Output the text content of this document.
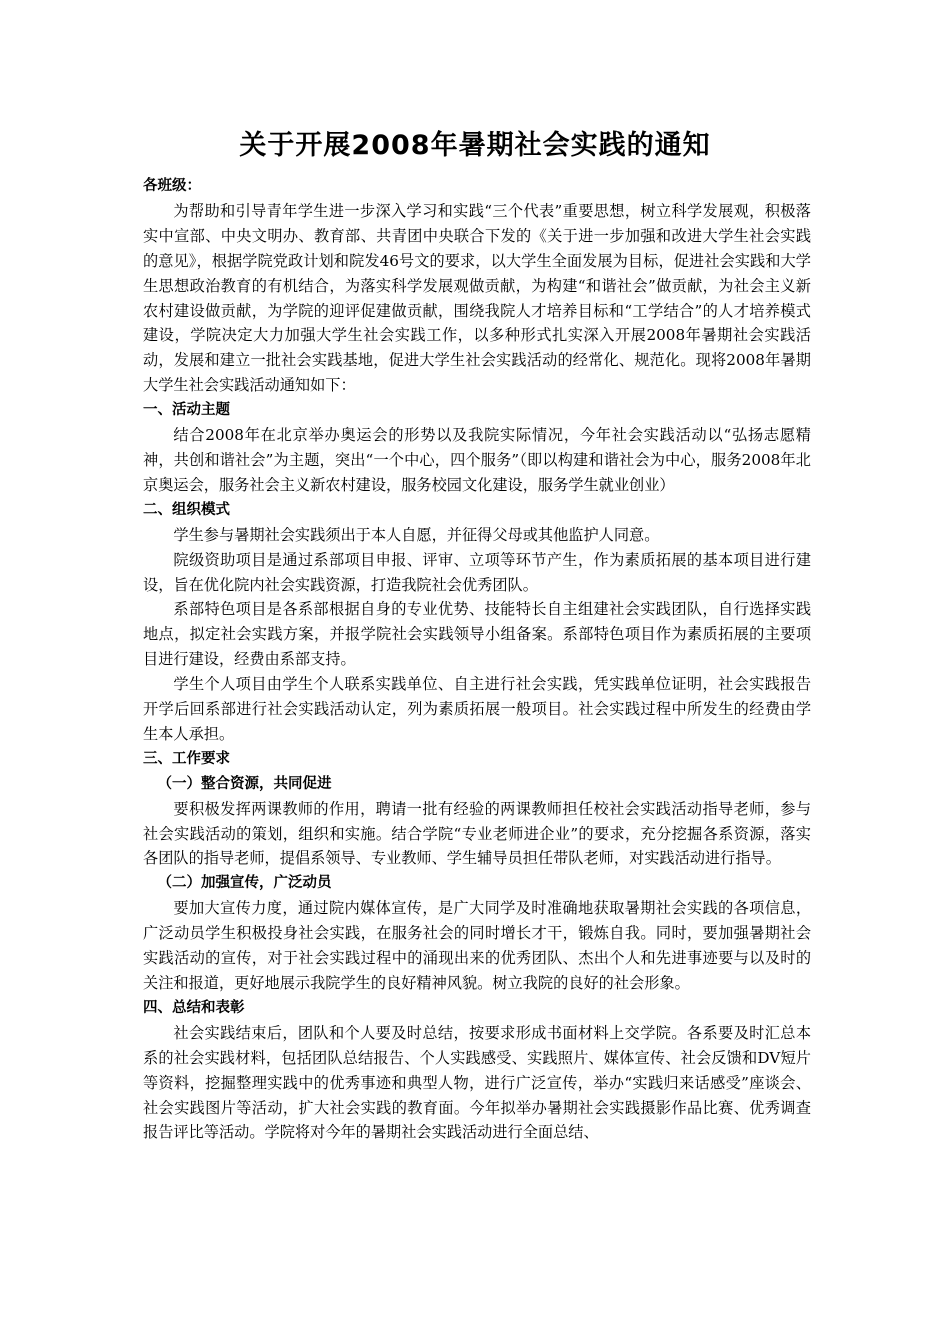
关于开展2008年暑期社会实践的通知

各班级：

为帮助和引导青年学生进一步深入学习和实践“三个代表”重要思想，树立科学发展观，积极落实中宣部、中央文明办、教育部、共青团中央联合下发的《关于进一步加强和改进大学生社会实践的意见》，根据学院党政计划和院发46号文的要求，以大学生全面发展为目标，促进社会实践和大学生思想政治教育的有机结合，为落实科学发展观做贡献，为构建“和谐社会”做贡献，为社会主义新农村建设做贡献，为学院的迎评促建做贡献，围绕我院人才培养目标和“工学结合”的人才培养模式建设，学院决定大力加强大学生社会实践工作，以多种形式扎实深入开展2008年暑期社会实践活动，发展和建立一批社会实践基地，促进大学生社会实践活动的经常化、规范化。现将2008年暑期大学生社会实践活动通知如下：

一、活动主题

结合2008年在北京举办奥运会的形势以及我院实际情况，今年社会实践活动以“弘扬志愿精神，共创和谐社会”为主题，突出“一个中心，四个服务”（即以构建和谐社会为中心，服务2008年北京奥运会，服务社会主义新农村建设，服务校园文化建设，服务学生就业创业）

二、组织模式

学生参与暑期社会实践须出于本人自愿，并征得父母或其他监护人同意。

院级资助项目是通过系部项目申报、评审、立项等环节产生，作为素质拓展的基本项目进行建设，旨在优化院内社会实践资源，打造我院社会优秀团队。

系部特色项目是各系部根据自身的专业优势、技能特长自主组建社会实践团队，自行选择实践地点，拟定社会实践方案，并报学院社会实践领导小组备案。系部特色项目作为素质拓展的主要项目进行建设，经费由系部支持。

学生个人项目由学生个人联系实践单位、自主进行社会实践，凭实践单位证明，社会实践报告开学后回系部进行社会实践活动认定，列为素质拓展一般项目。社会实践过程中所发生的经费由学生本人承担。

三、工作要求

（一）整合资源，共同促进

要积极发挥两课教师的作用，聘请一批有经验的两课教师担任校社会实践活动指导老师，参与社会实践活动的策划，组织和实施。结合学院“专业老师进企业”的要求，充分挖掘各系资源，落实各团队的指导老师，提倡系领导、专业教师、学生辅导员担任带队老师，对实践活动进行指导。

（二）加强宣传，广泛动员

要加大宣传力度，通过院内媒体宣传，是广大同学及时准确地获取暑期社会实践的各项信息，广泛动员学生积极投身社会实践，在服务社会的同时增长才干，锻炼自我。同时，要加强暑期社会实践活动的宣传，对于社会实践过程中的涌现出来的优秀团队、杰出个人和先进事迹要与以及时的关注和报道，更好地展示我院学生的良好精神风貌。树立我院的良好的社会形象。

四、总结和表彰

社会实践结束后，团队和个人要及时总结，按要求形成书面材料上交学院。各系要及时汇总本系的社会实践材料，包括团队总结报告、个人实践感受、实践照片、媒体宣传、社会反馈和DV短片等资料，挖掘整理实践中的优秀事迹和典型人物，进行广泛宣传，举办“实践归来话感受”座谈会、社会实践图片等活动，扩大社会实践的教育面。今年拟举办暑期社会实践摄影作品比赛、优秀调查报告评比等活动。学院将对今年的暑期社会实践活动进行全面总结、
